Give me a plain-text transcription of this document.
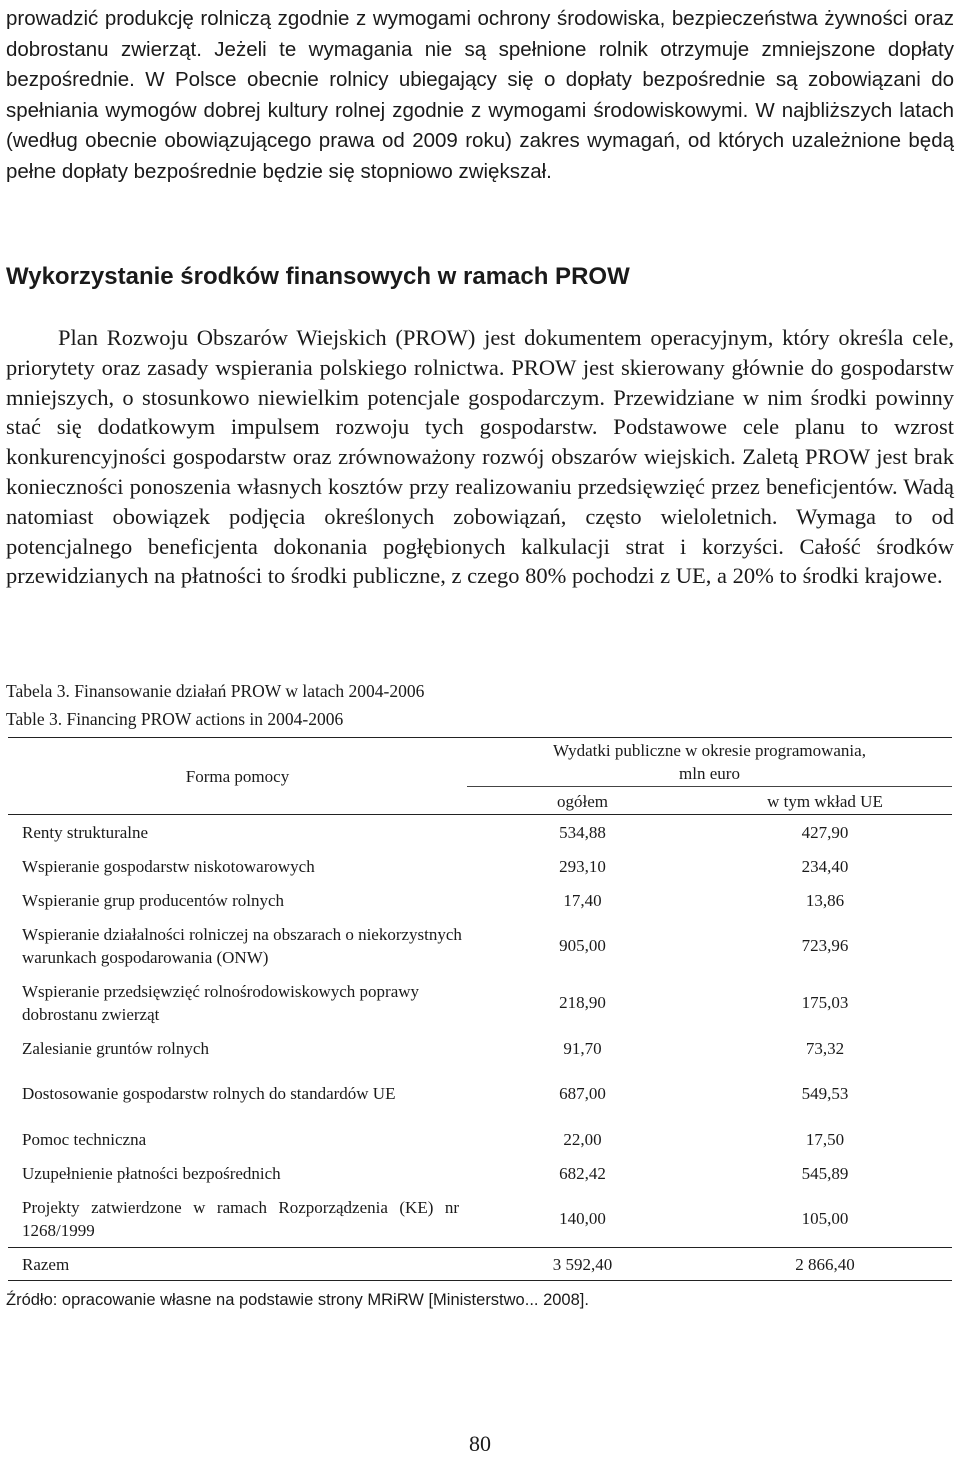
prowadzić produkcję rolniczą zgodnie z wymogami ochrony środowiska, bezpieczeństwa żywności oraz dobrostanu zwierząt. Jeżeli te wymagania nie są spełnione rolnik otrzymuje zmniejszone dopłaty bezpośrednie. W Polsce obecnie rolnicy ubiegający się o dopłaty bezpośrednie są zobowiązani do spełniania wymogów dobrej kultury rolnej zgodnie z wymogami środowiskowymi. W najbliższych latach (według obecnie obowiązującego prawa od 2009 roku) zakres wymagań, od których uzależnione będą pełne dopłaty bezpośrednie będzie się stopniowo zwiększał.

Wykorzystanie środków finansowych w ramach PROW

Plan Rozwoju Obszarów Wiejskich (PROW) jest dokumentem operacyjnym, który określa cele, priorytety oraz zasady wspierania polskiego rolnictwa. PROW jest skierowany głównie do gospodarstw mniejszych, o stosunkowo niewielkim potencjale gospodarczym. Przewidziane w nim środki powinny stać się dodatkowym impulsem rozwoju tych gospodarstw. Podstawowe cele planu to wzrost konkurencyjności gospodarstw oraz zrównoważony rozwój obszarów wiejskich. Zaletą PROW jest brak konieczności ponoszenia własnych kosztów przy realizowaniu przedsięwzięć przez beneficjentów. Wadą natomiast obowiązek podjęcia określonych zobowiązań, często wieloletnich. Wymaga to od potencjalnego beneficjenta dokonania pogłębionych kalkulacji strat i korzyści. Całość środków przewidzianych na płatności to środki publiczne, z czego 80% pochodzi z UE, a 20% to środki krajowe.

Tabela 3. Finansowanie działań PROW w latach 2004-2006

Table 3. Financing PROW actions in 2004-2006

Forma pomocy	Wydatki publiczne w okresie programowania,
mln euro	
	ogółem	w tym wkład UE
Renty strukturalne	534,88	427,90
Wspieranie gospodarstw niskotowarowych	293,10	234,40
Wspieranie grup producentów rolnych	17,40	13,86
Wspieranie działalności rolniczej na obszarach o niekorzystnych warunkach gospodarowania (ONW)	905,00	723,96
Wspieranie przedsięwzięć rolnośrodowiskowych poprawy dobrostanu zwierząt	218,90	175,03
Zalesianie gruntów rolnych	91,70	73,32
Dostosowanie gospodarstw rolnych do standardów UE	687,00	549,53
Pomoc techniczna	22,00	17,50
Uzupełnienie płatności bezpośrednich	682,42	545,89
Projekty zatwierdzone w ramach Rozporządzenia (KE) nr 1268/1999	140,00	105,00
Razem	3 592,40	2 866,40

Źródło: opracowanie własne na podstawie strony MRiRW [Ministerstwo... 2008].

80
